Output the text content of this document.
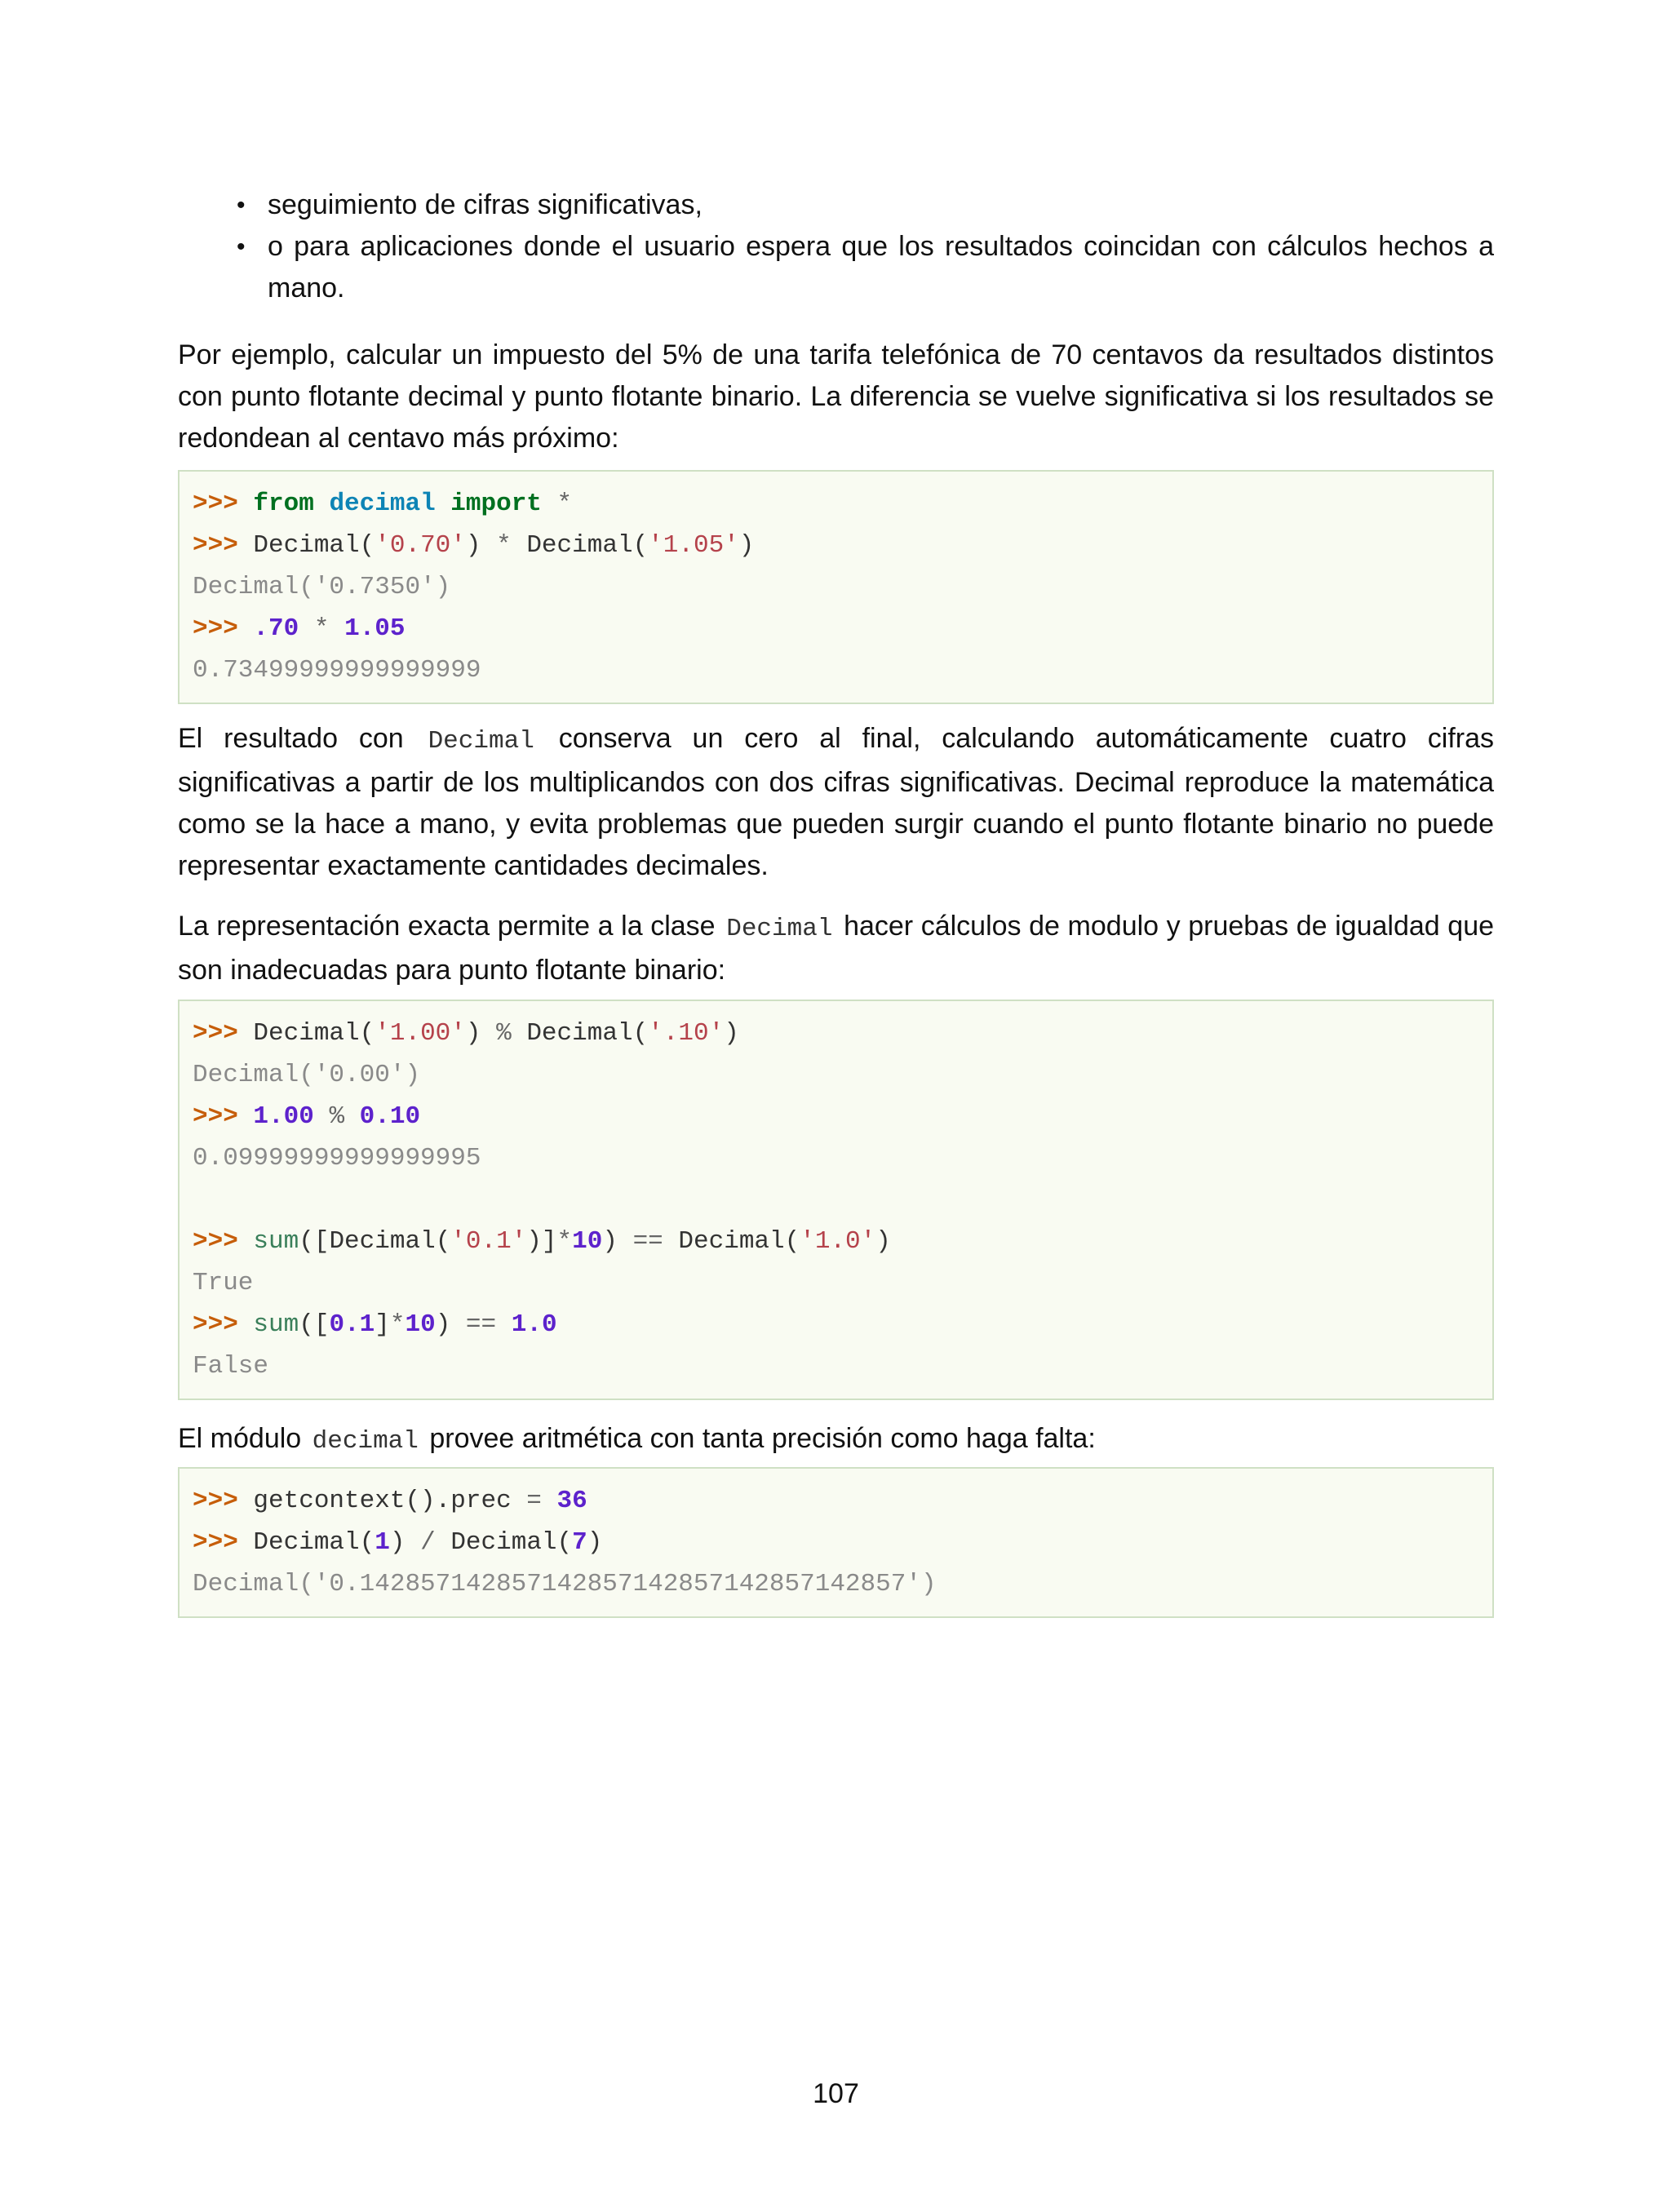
• seguimiento de cifras significativas,
• o para aplicaciones donde el usuario espera que los resultados coincidan con cálculos hechos a mano.

Por ejemplo, calcular un impuesto del 5% de una tarifa telefónica de 70 centavos da resultados distintos con punto flotante decimal y punto flotante binario. La diferencia se vuelve significativa si los resultados se redondean al centavo más próximo:

>>> from decimal import *
>>> Decimal('0.70') * Decimal('1.05')
Decimal('0.7350')
>>> .70 * 1.05
0.73499999999999999

El resultado con Decimal conserva un cero al final, calculando automáticamente cuatro cifras significativas a partir de los multiplicandos con dos cifras significativas. Decimal reproduce la matemática como se la hace a mano, y evita problemas que pueden surgir cuando el punto flotante binario no puede representar exactamente cantidades decimales.

La representación exacta permite a la clase Decimal hacer cálculos de modulo y pruebas de igualdad que son inadecuadas para punto flotante binario:

>>> Decimal('1.00') % Decimal('.10')
Decimal('0.00')
>>> 1.00 % 0.10
0.09999999999999995
>>> sum([Decimal('0.1')]*10) == Decimal('1.0')
True
>>> sum([0.1]*10) == 1.0
False

El módulo decimal provee aritmética con tanta precisión como haga falta:

>>> getcontext().prec = 36
>>> Decimal(1) / Decimal(7)
Decimal('0.142857142857142857142857142857142857')
107
